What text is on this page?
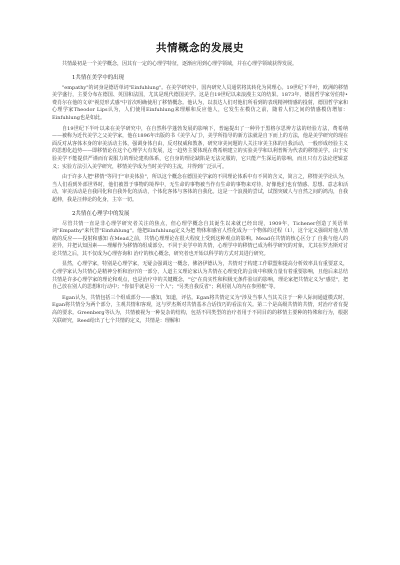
共情概念的发展史

共情最初是一个美学概念，因其有一定的心理学特征，逐渐应用到心理学领域，并在心理学领域获得发展。

1共情在美学中的出现

"empathy"的词身是德语单词"Einfuhlung"。在美学研究中，国内研究人员通常将其转化为同理心。19世纪下半叶，欧洲的移情美学盛行，主要分布在德国、英国和法国，尤其是现代德国美学。这是自19世纪以来浪漫主义的结果。1873年，德国哲学家劳伯特•费肖尔在他的文章"视觉形式感"中首次明确使用了移情概念。他认为，以表达人们对他们所看到的表现精神情感的投射，德国哲学家和心理学家Theodor Lips认为，人们使用Einfuhlung来理解和反应他人，它发生在模仿之前，随着人们之间的情感模仿增加：Einfuhlung也是如此。

自19世纪下半叶以来在美学研究中，在自然科学蓬勃发展的影响下，普遍提出了一种异于黑格尔思辨方法的经验方法，费希纳——被称为近代美学之父美学家，他在1896年出版的书《美学入门》，美学所指导的新方法就是自下而上的方法，他是美学研究的现在面反对从客体本身的审美活动主体，强调身体自由，反对权威和教条，研究审美问题的人关注审美主体的自我活动，一般形成经验主义的思想化趋势——即移情论在这个心理学大有发展，这一趋势主要体现在费希纳建立的实验美学和以利普斯为代表的移情美学。由于实验美学不能提供严谨而有说服力的理论建构体系，它自身的理论缺陷是无法完服的，它只能产生深远的影响，而且只有方法论逻辑意义；实验方法引入美学研究，移情美学成为当时美学的主流，并得到广泛认可。

由于许多人把"移情"等同于"审美体验"，所以这个概念在德国美学家的不同理论体系中有不同的含义，简言之，移情美学论认为，当人们看到外部世界时，他们被置于事物的境界中，无生命的事物被当作有生命的事物来对待，好像他们也有情感、思想、意志和活动，审美活动是自我同化和自我外化的活动，个体化客体与客体的自我化。这是一个浪漫的尝试，试图突破人与自然之间的鸿沟，自我超伸，我是汪伸论的化身，主宰一切。

2共情在心理学中的发展

尽管共情一直是非心理学研究者关注的焦点，但心理学概念自其诞生以来就已经出现，1909年，Tichener创造了英语单词"Empathy"来代替"Einfuhlung"。他把Einfuhlung定义为把 物体和感官人性化成为一个物体的过程（1），这个定义强调对他人情绪的反应——投射和感知 在Mead之前，共情心理理论在很大程度上受到这种观点的影响。Mead在共情的核心区分了 自我与他人的差异，并把认知因素——理解作为移情的组成部分。不同于美学中的共情，心理学中的移情已成为科学研究的对象，尤其在罗杰斯对讨论共情之后，其不仅成为心理咨询和 治疗的核心概念，研究者也开始以科学的方式对其进行研究。

显然，心理学家，特别是心理学家，无疑会强调这一概念，佛洛伊德认为，共情对于构建工作联盟和提高分析效率具有重要意义，心理学家认为共情心是精神分析和治疗的一部分，人道主义理论家认为共情在心理变化的会谈中积极力量有着重要影响，且他后来总结共情是许多心理学家的理论和观点，也是治疗中的关键概念，"它"在真实性和积极无条件验证的影响，理论家把共情定义为"感觉"，把自己放在别人的思想和行动中；"你似乎就是另一个人"；"另类自我反省"；利用别人的内在参照框"等。

Egan认为，共情包括三个组成部分——感知，知道，评估。Egan将共情定义为"涉及当事人当其关注于一种人际间通道模式时，Egan将共情分为两个部分，主观共情和客观，这与罗杰斯对共情基本合话技巧的看法有关。第二个是高级共情的共情，对治疗者有提高的要求。Greenberg等认为，共情被视为一种复杂的结构，包括不同类型的治疗者用于不同目的的移情主要种的特殊和行为，根据关联研究，Reed给出了七个共情的定义，共情是：理解和
